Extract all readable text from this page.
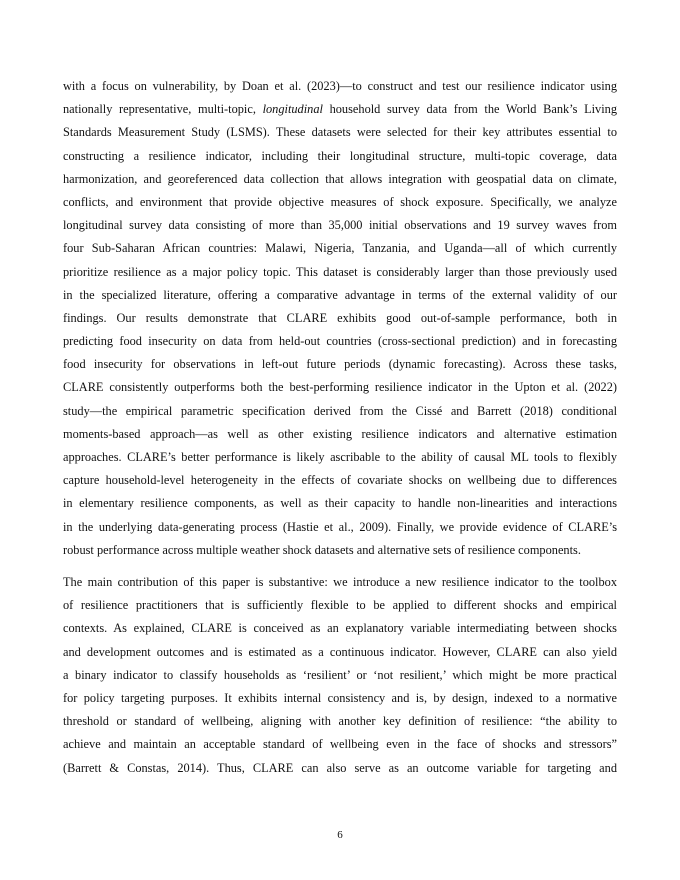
with a focus on vulnerability, by Doan et al. (2023)—to construct and test our resilience indicator using
nationally representative, multi-topic, longitudinal household survey data from the World Bank’s Living
Standards Measurement Study (LSMS). These datasets were selected for their key attributes essential to
constructing a resilience indicator, including their longitudinal structure, multi-topic coverage, data
harmonization, and georeferenced data collection that allows integration with geospatial data on climate,
conflicts, and environment that provide objective measures of shock exposure. Specifically, we analyze
longitudinal survey data consisting of more than 35,000 initial observations and 19 survey waves from
four Sub-Saharan African countries: Malawi, Nigeria, Tanzania, and Uganda—all of which currently
prioritize resilience as a major policy topic. This dataset is considerably larger than those previously used
in the specialized literature, offering a comparative advantage in terms of the external validity of our
findings. Our results demonstrate that CLARE exhibits good out-of-sample performance, both in
predicting food insecurity on data from held-out countries (cross-sectional prediction) and in forecasting
food insecurity for observations in left-out future periods (dynamic forecasting). Across these tasks,
CLARE consistently outperforms both the best-performing resilience indicator in the Upton et al. (2022)
study—the empirical parametric specification derived from the Cissé and Barrett (2018) conditional
moments-based approach—as well as other existing resilience indicators and alternative estimation
approaches. CLARE’s better performance is likely ascribable to the ability of causal ML tools to flexibly
capture household-level heterogeneity in the effects of covariate shocks on wellbeing due to differences
in elementary resilience components, as well as their capacity to handle non-linearities and interactions
in the underlying data-generating process (Hastie et al., 2009). Finally, we provide evidence of CLARE’s
robust performance across multiple weather shock datasets and alternative sets of resilience components.
The main contribution of this paper is substantive: we introduce a new resilience indicator to the toolbox
of resilience practitioners that is sufficiently flexible to be applied to different shocks and empirical
contexts. As explained, CLARE is conceived as an explanatory variable intermediating between shocks
and development outcomes and is estimated as a continuous indicator. However, CLARE can also yield
a binary indicator to classify households as ‘resilient’ or ‘not resilient,’ which might be more practical
for policy targeting purposes. It exhibits internal consistency and is, by design, indexed to a normative
threshold or standard of wellbeing, aligning with another key definition of resilience: “the ability to
achieve and maintain an acceptable standard of wellbeing even in the face of shocks and stressors”
(Barrett & Constas, 2014). Thus, CLARE can also serve as an outcome variable for targeting and
6
